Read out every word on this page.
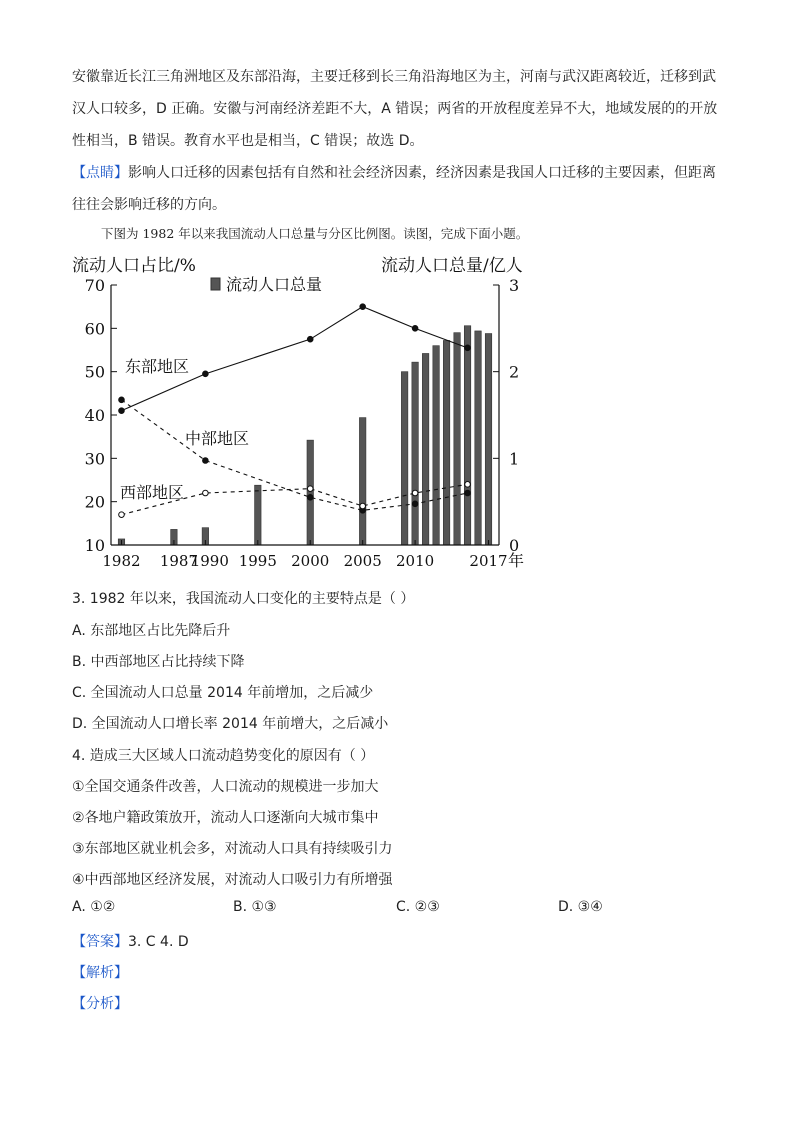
安徽靠近长江三角洲地区及东部沿海，主要迁移到长三角沿海地区为主，河南与武汉距离较近，迁移到武汉人口较多，D 正确。安徽与河南经济差距不大，A 错误；两省的开放程度差异不大，地域发展的的开放性相当，B 错误。教育水平也是相当，C 错误；故选 D。

【点睛】影响人口迁移的因素包括有自然和社会经济因素，经济因素是我国人口迁移的主要因素，但距离往往会影响迁移的方向。

下图为 1982 年以来我国流动人口总量与分区比例图。读图，完成下面小题。
东部地区
中部地区
西部地区
10
20
30
40
50
60
70
0
1
2
3
1982 1987
1990 1995 2000 2005 2010 2017 年
流动人口占比/%	流动人口总量/亿人
流动人口总量
3. 1982 年以来，我国流动人口变化的主要特点是（ ）
A. 东部地区占比先降后升
B. 中西部地区占比持续下降
C. 全国流动人口总量 2014 年前增加，之后减少
D. 全国流动人口增长率 2014 年前增大，之后减小
4. 造成三大区域人口流动趋势变化的原因有（ ）
①全国交通条件改善，人口流动的规模进一步加大
②各地户籍政策放开，流动人口逐渐向大城市集中
③东部地区就业机会多，对流动人口具有持续吸引力
④中西部地区经济发展，对流动人口吸引力有所增强
A. ①②	B. ①③	C. ②③	D. ③④
【答案】3. C 4. D
【解析】
【分析】
